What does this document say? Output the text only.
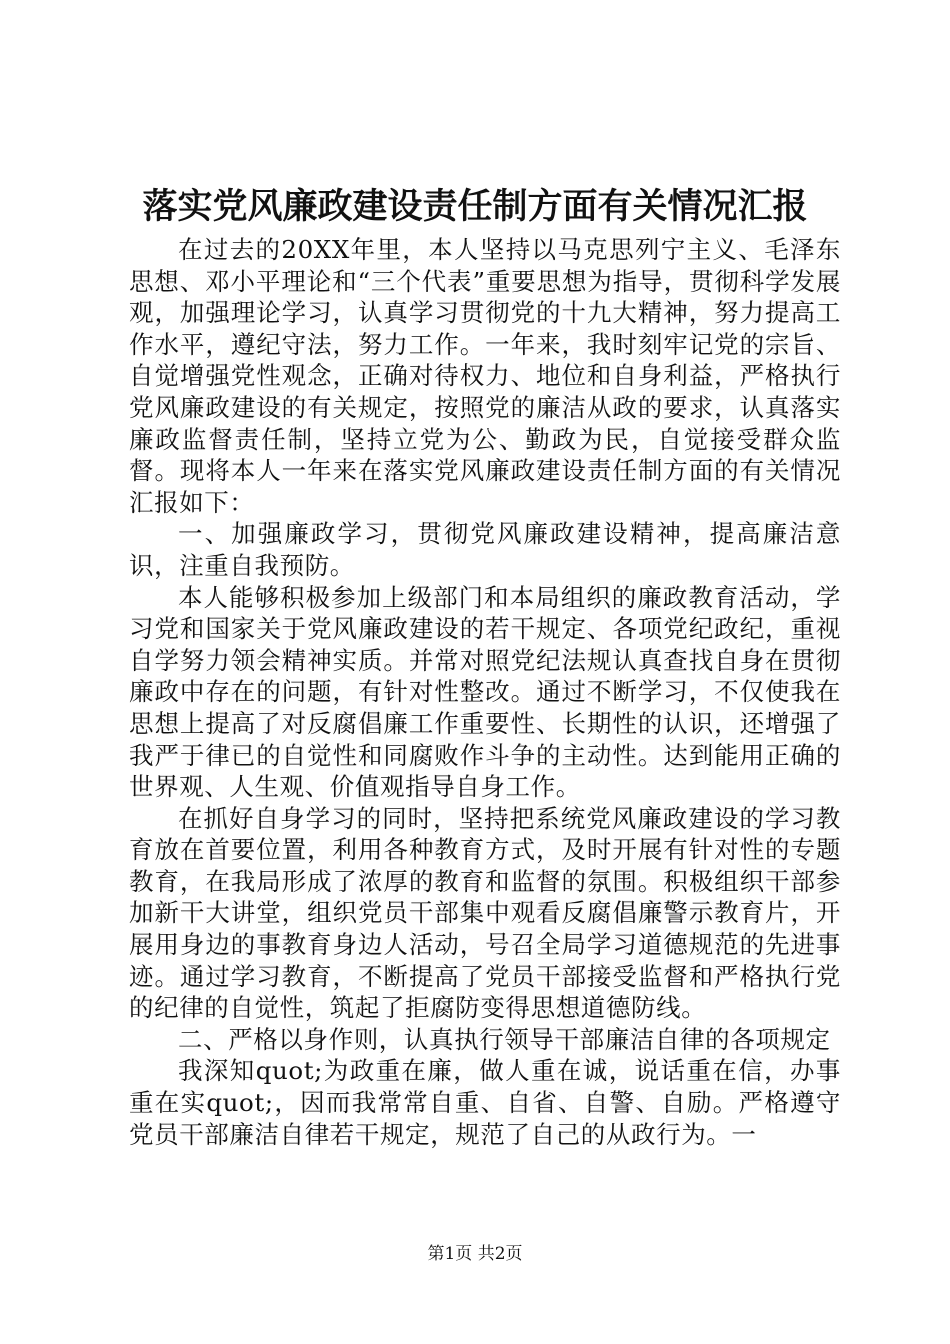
落实党风廉政建设责任制方面有关情况汇报

在过去的20XX年里，本人坚持以马克思列宁主义、毛泽东思想、邓小平理论和“三个代表”重要思想为指导，贯彻科学发展观，加强理论学习，认真学习贯彻党的十九大精神，努力提高工作水平，遵纪守法，努力工作。一年来，我时刻牢记党的宗旨、自觉增强党性观念，正确对待权力、地位和自身利益，严格执行党风廉政建设的有关规定，按照党的廉洁从政的要求，认真落实廉政监督责任制，坚持立党为公、勤政为民，自觉接受群众监督。现将本人一年来在落实党风廉政建设责任制方面的有关情况汇报如下：

一、加强廉政学习，贯彻党风廉政建设精神，提高廉洁意识，注重自我预防。

本人能够积极参加上级部门和本局组织的廉政教育活动，学习党和国家关于党风廉政建设的若干规定、各项党纪政纪，重视自学努力领会精神实质。并常对照党纪法规认真查找自身在贯彻廉政中存在的问题，有针对性整改。通过不断学习，不仅使我在思想上提高了对反腐倡廉工作重要性、长期性的认识，还增强了我严于律已的自觉性和同腐败作斗争的主动性。达到能用正确的世界观、人生观、价值观指导自身工作。

在抓好自身学习的同时，坚持把系统党风廉政建设的学习教育放在首要位置，利用各种教育方式，及时开展有针对性的专题教育，在我局形成了浓厚的教育和监督的氛围。积极组织干部参加新干大讲堂，组织党员干部集中观看反腐倡廉警示教育片，开展用身边的事教育身边人活动，号召全局学习道德规范的先进事迹。通过学习教育，不断提高了党员干部接受监督和严格执行党的纪律的自觉性，筑起了拒腐防变得思想道德防线。

二、严格以身作则，认真执行领导干部廉洁自律的各项规定

我深知quot;为政重在廉，做人重在诚，说话重在信，办事重在实quot;，因而我常常自重、自省、自警、自励。严格遵守党员干部廉洁自律若干规定，规范了自己的从政行为。一

第1页 共2页
